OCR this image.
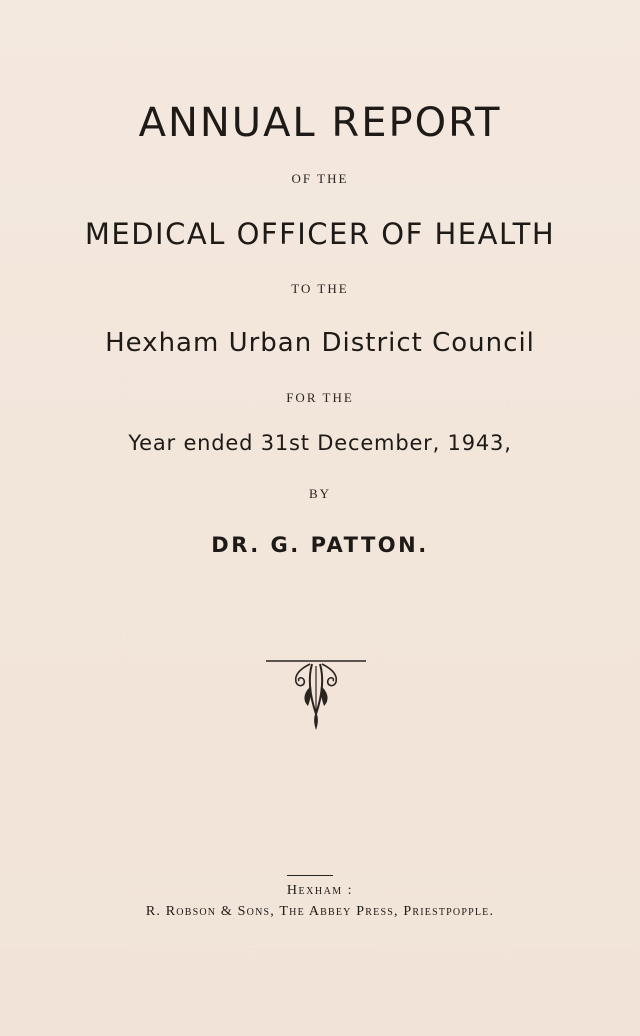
ANNUAL REPORT
OF THE
MEDICAL OFFICER OF HEALTH
TO THE
Hexham Urban District Council
FOR THE
Year ended 31st December, 1943,
BY
DR. G. PATTON.
Hexham :
R. Robson & Sons, The Abbey Press, Priestpopple.
